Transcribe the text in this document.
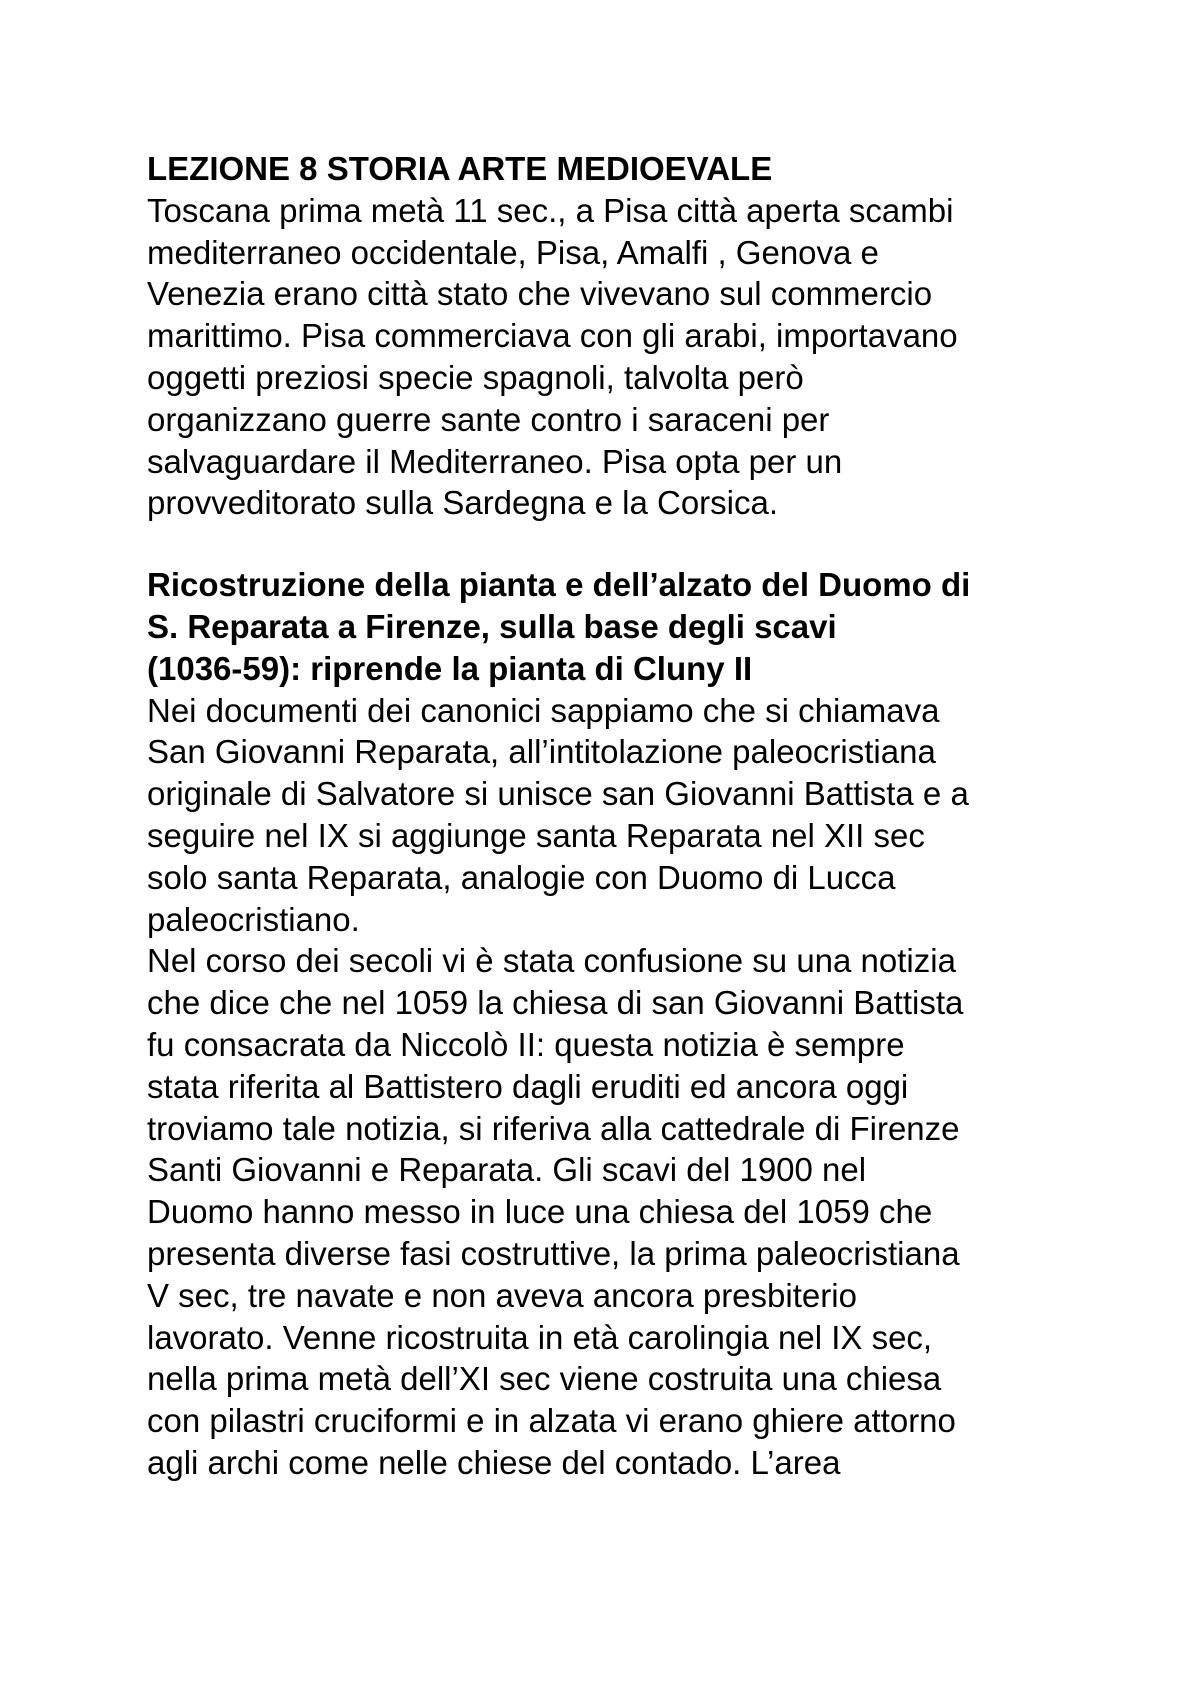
LEZIONE 8 STORIA ARTE MEDIOEVALE

Toscana prima metà 11 sec., a Pisa città aperta scambi
mediterraneo occidentale, Pisa, Amalfi , Genova e
Venezia erano città stato che vivevano sul commercio
marittimo. Pisa commerciava con gli arabi, importavano
oggetti preziosi specie spagnoli, talvolta però
organizzano guerre sante contro i saraceni per
salvaguardare il Mediterraneo. Pisa opta per un
provveditorato sulla Sardegna e la Corsica.

Ricostruzione della pianta e dell’alzato del Duomo di
S. Reparata a Firenze, sulla base degli scavi
(1036-59): riprende la pianta di Cluny II

Nei documenti dei canonici sappiamo che si chiamava
San Giovanni Reparata, all’intitolazione paleocristiana
originale di Salvatore si unisce san Giovanni Battista e a
seguire nel IX si aggiunge santa Reparata nel XII sec
solo santa Reparata, analogie con Duomo di Lucca
paleocristiano.

Nel corso dei secoli vi è stata confusione su una notizia
che dice che nel 1059 la chiesa di san Giovanni Battista
fu consacrata da Niccolò II: questa notizia è sempre
stata riferita al Battistero dagli eruditi ed ancora oggi
troviamo tale notizia, si riferiva alla cattedrale di Firenze
Santi Giovanni e Reparata. Gli scavi del 1900 nel
Duomo hanno messo in luce una chiesa del 1059 che
presenta diverse fasi costruttive, la prima paleocristiana
V sec, tre navate e non aveva ancora presbiterio
lavorato. Venne ricostruita in età carolingia nel IX sec,
nella prima metà dell’XI sec viene costruita una chiesa
con pilastri cruciformi e in alzata vi erano ghiere attorno
agli archi come nelle chiese del contado. L’area
